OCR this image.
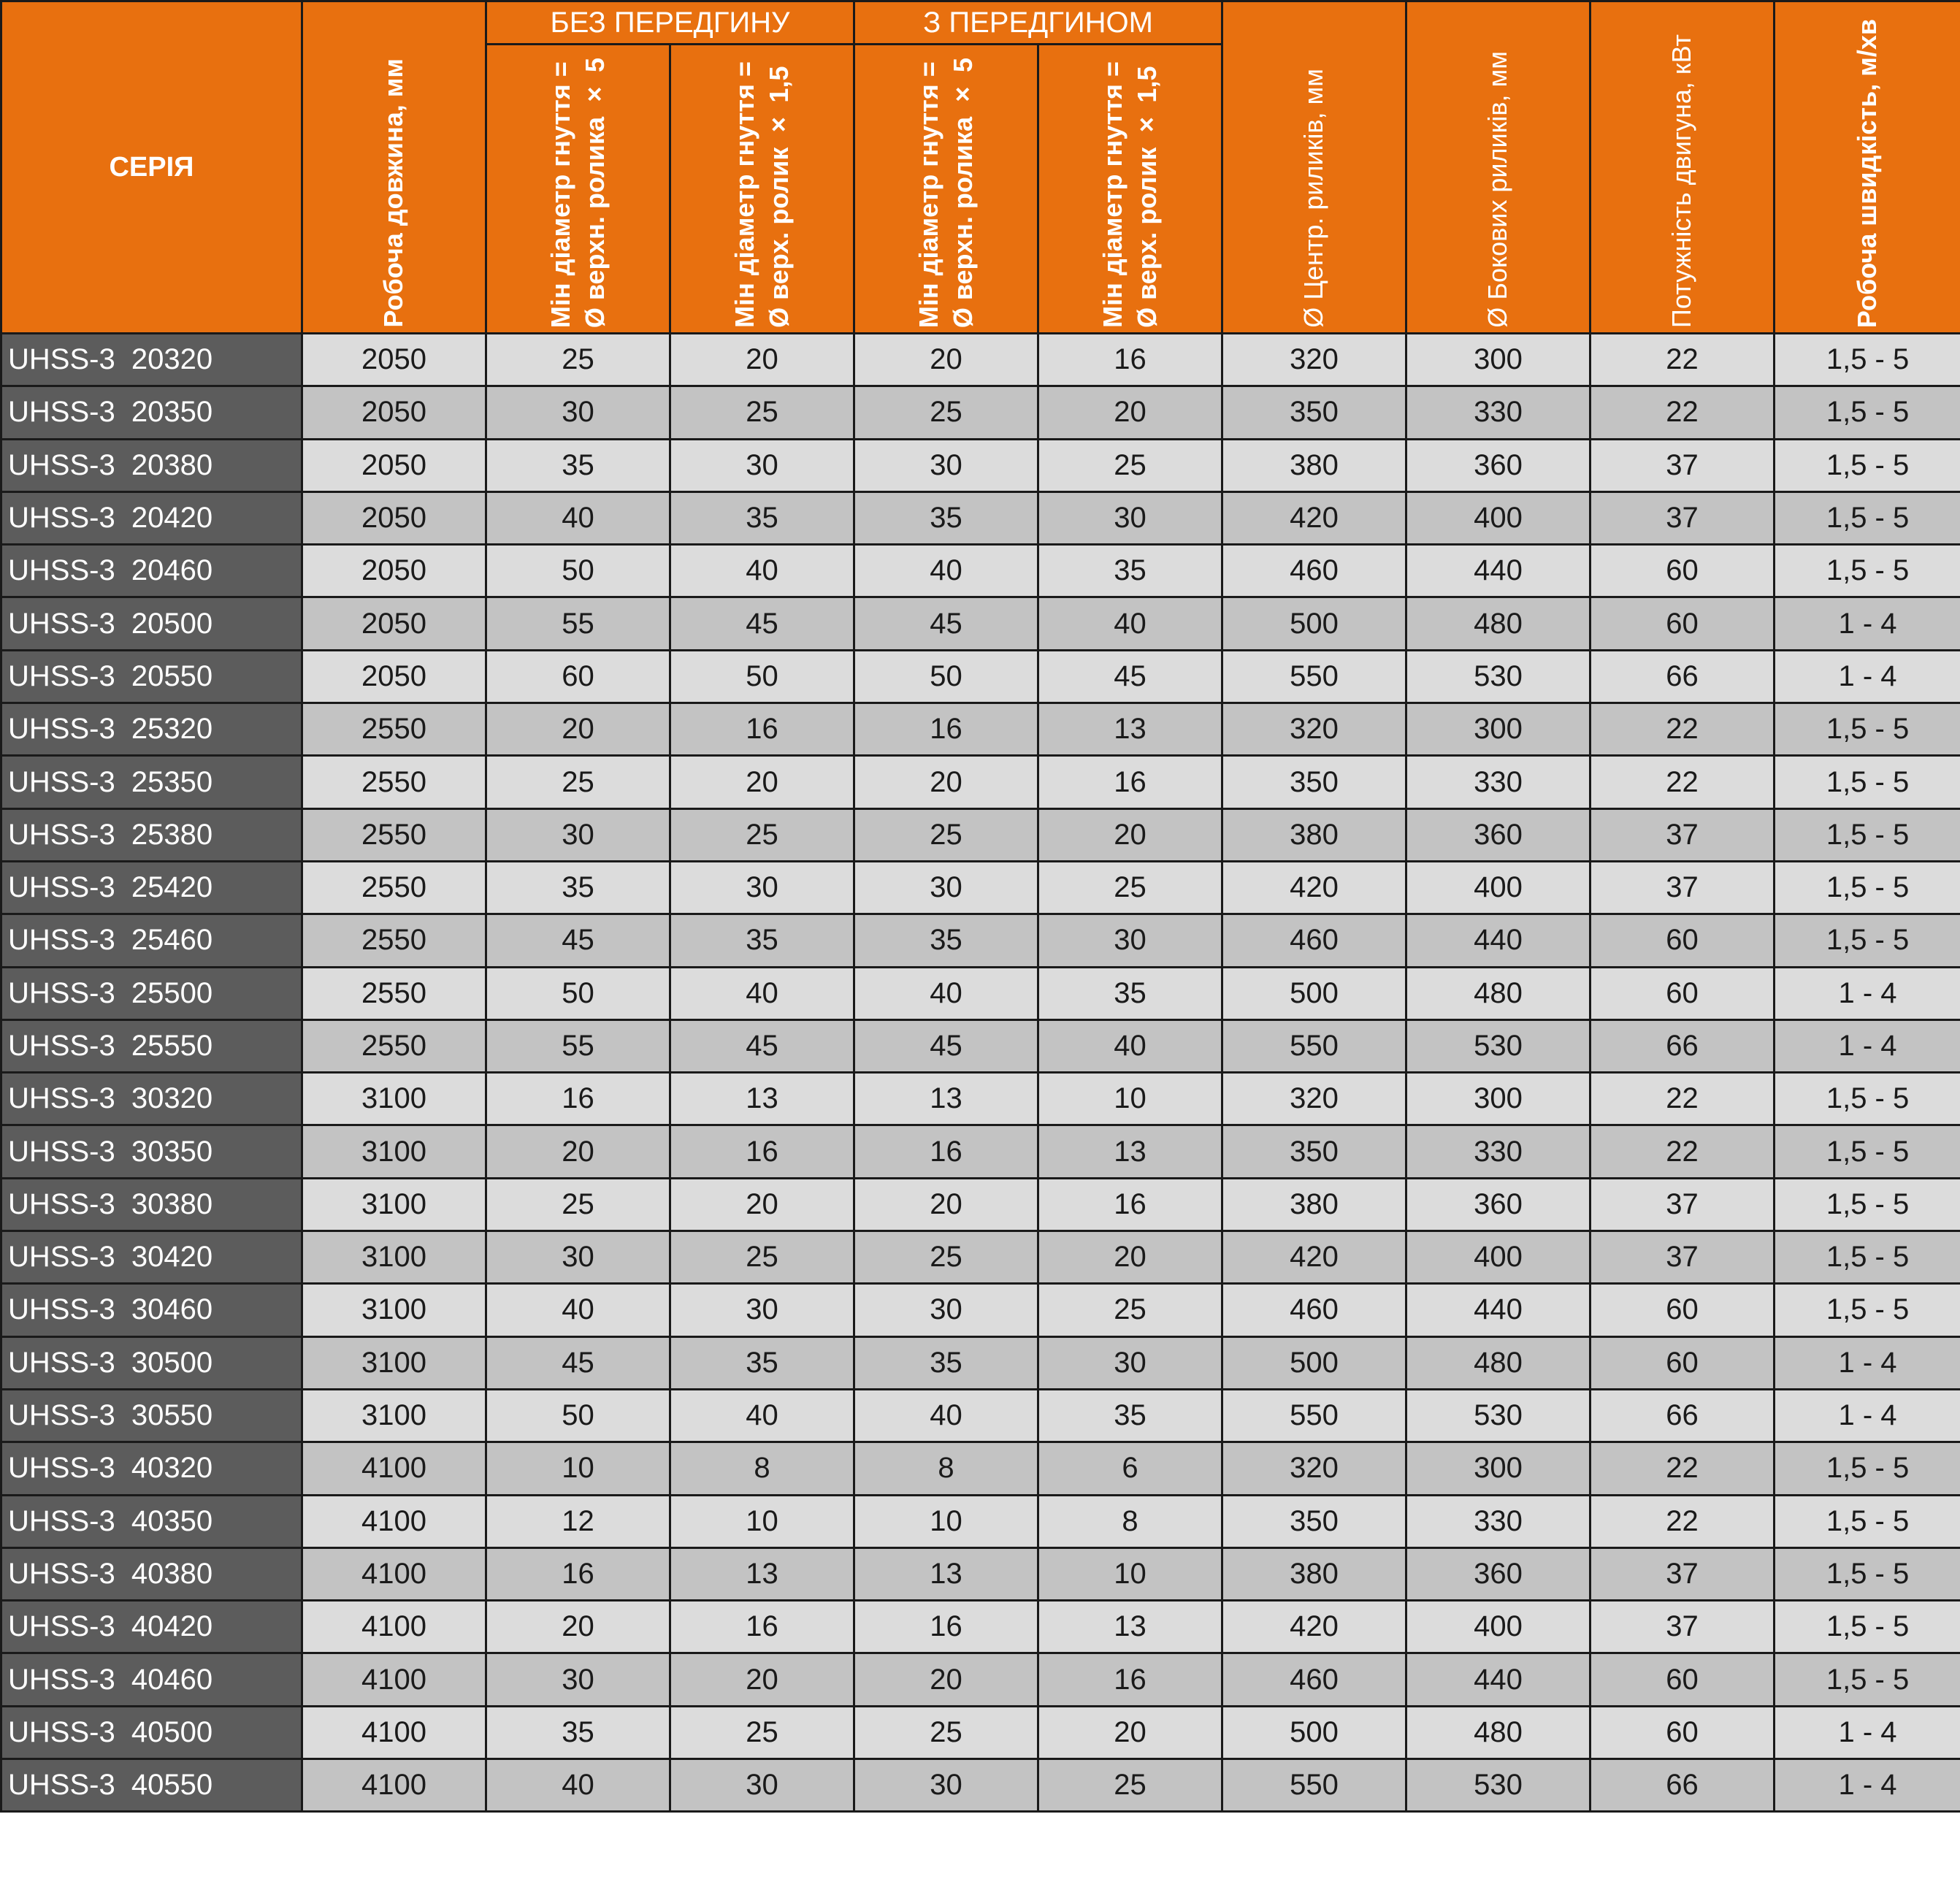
СЕРІЯ	Робоча довжина, мм	БЕЗ ПЕРЕДГИНУ		З ПЕРЕДГИНОМ		Ø Центр. риликів, мм	Ø Бокових риликів, мм	Потужність двигуна, кВт	Робоча швидкість, м/хв

		Мін діаметр гнуття =
Ø верхн. ролика × 5	Мін діаметр гнуття =
Ø верх. ролик × 1,5	Мін діаметр гнуття =
Ø верхн. ролика × 5	Мін діаметр гнуття =
Ø верх. ролик × 1,5				

UHSS-3  20320	2050	25	20	20	16	320	300	22	1,5 - 5
UHSS-3  20350	2050	30	25	25	20	350	330	22	1,5 - 5
UHSS-3  20380	2050	35	30	30	25	380	360	37	1,5 - 5
UHSS-3  20420	2050	40	35	35	30	420	400	37	1,5 - 5
UHSS-3  20460	2050	50	40	40	35	460	440	60	1,5 - 5
UHSS-3  20500	2050	55	45	45	40	500	480	60	1 - 4
UHSS-3  20550	2050	60	50	50	45	550	530	66	1 - 4
UHSS-3  25320	2550	20	16	16	13	320	300	22	1,5 - 5
UHSS-3  25350	2550	25	20	20	16	350	330	22	1,5 - 5
UHSS-3  25380	2550	30	25	25	20	380	360	37	1,5 - 5
UHSS-3  25420	2550	35	30	30	25	420	400	37	1,5 - 5
UHSS-3  25460	2550	45	35	35	30	460	440	60	1,5 - 5
UHSS-3  25500	2550	50	40	40	35	500	480	60	1 - 4
UHSS-3  25550	2550	55	45	45	40	550	530	66	1 - 4
UHSS-3  30320	3100	16	13	13	10	320	300	22	1,5 - 5
UHSS-3  30350	3100	20	16	16	13	350	330	22	1,5 - 5
UHSS-3  30380	3100	25	20	20	16	380	360	37	1,5 - 5
UHSS-3  30420	3100	30	25	25	20	420	400	37	1,5 - 5
UHSS-3  30460	3100	40	30	30	25	460	440	60	1,5 - 5
UHSS-3  30500	3100	45	35	35	30	500	480	60	1 - 4
UHSS-3  30550	3100	50	40	40	35	550	530	66	1 - 4
UHSS-3  40320	4100	10	8	8	6	320	300	22	1,5 - 5
UHSS-3  40350	4100	12	10	10	8	350	330	22	1,5 - 5
UHSS-3  40380	4100	16	13	13	10	380	360	37	1,5 - 5
UHSS-3  40420	4100	20	16	16	13	420	400	37	1,5 - 5
UHSS-3  40460	4100	30	20	20	16	460	440	60	1,5 - 5
UHSS-3  40500	4100	35	25	25	20	500	480	60	1 - 4
UHSS-3  40550	4100	40	30	30	25	550	530	66	1 - 4
